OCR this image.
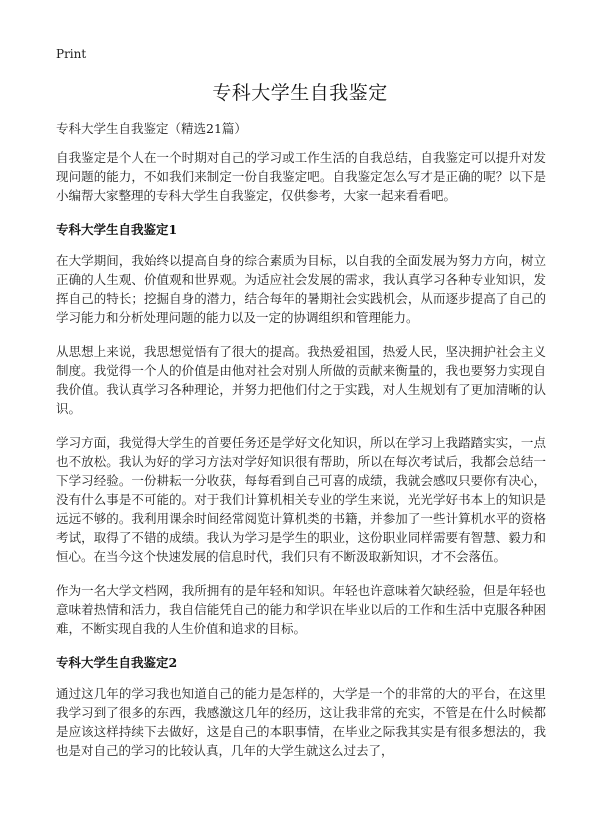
Print
专科大学生自我鉴定

专科大学生自我鉴定（精选21篇）

自我鉴定是个人在一个时期对自己的学习或工作生活的自我总结，自我鉴定可以提升对发现问题的能力，不如我们来制定一份自我鉴定吧。自我鉴定怎么写才是正确的呢？以下是小编帮大家整理的专科大学生自我鉴定，仅供参考，大家一起来看看吧。

专科大学生自我鉴定1

在大学期间，我始终以提高自身的综合素质为目标，以自我的全面发展为努力方向，树立正确的人生观、价值观和世界观。为适应社会发展的需求，我认真学习各种专业知识，发挥自己的特长；挖掘自身的潜力，结合每年的暑期社会实践机会，从而逐步提高了自己的学习能力和分析处理问题的能力以及一定的协调组织和管理能力。

从思想上来说，我思想觉悟有了很大的提高。我热爱祖国，热爱人民，坚决拥护社会主义制度。我觉得一个人的价值是由他对社会对别人所做的贡献来衡量的，我也要努力实现自我价值。我认真学习各种理论，并努力把他们付之于实践，对人生规划有了更加清晰的认识。

学习方面，我觉得大学生的首要任务还是学好文化知识，所以在学习上我踏踏实实，一点也不放松。我认为好的学习方法对学好知识很有帮助，所以在每次考试后，我都会总结一下学习经验。一份耕耘一分收获，每每看到自己可喜的成绩，我就会感叹只要你有决心，没有什么事是不可能的。对于我们计算机相关专业的学生来说，光光学好书本上的知识是远远不够的。我利用课余时间经常阅览计算机类的书籍，并参加了一些计算机水平的资格考试，取得了不错的成绩。我认为学习是学生的职业，这份职业同样需要有智慧、毅力和恒心。在当今这个快速发展的信息时代，我们只有不断汲取新知识，才不会落伍。

作为一名大学文档网，我所拥有的是年轻和知识。年轻也许意味着欠缺经验，但是年轻也意味着热情和活力，我自信能凭自己的能力和学识在毕业以后的工作和生活中克服各种困难，不断实现自我的人生价值和追求的目标。

专科大学生自我鉴定2

通过这几年的学习我也知道自己的能力是怎样的，大学是一个的非常的大的平台，在这里我学习到了很多的东西，我感激这几年的经历，这让我非常的充实，不管是在什么时候都是应该这样持续下去做好，这是自己的本职事情，在毕业之际我其实是有很多想法的，我也是对自己的学习的比较认真，几年的大学生就这么过去了，
